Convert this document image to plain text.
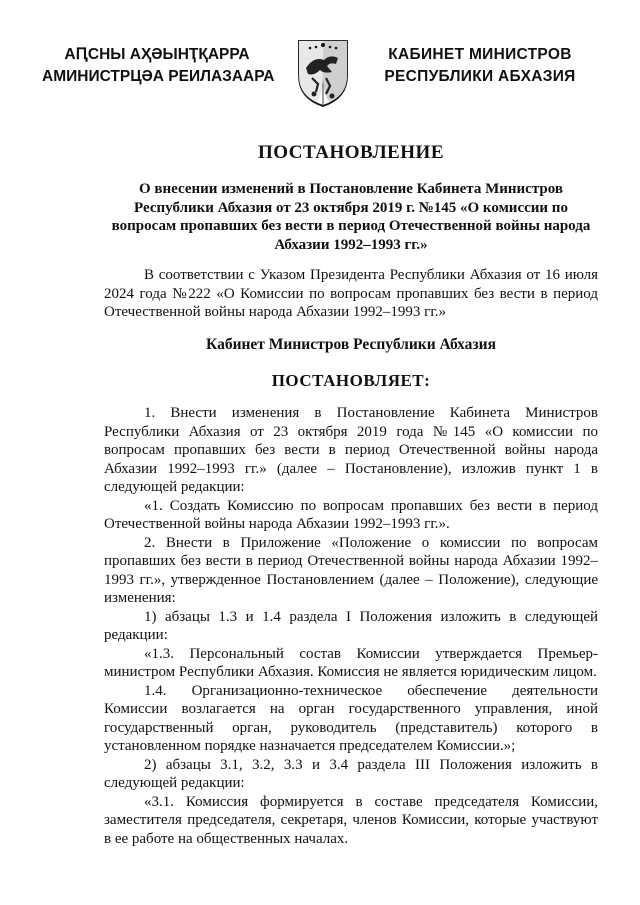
АԤСНЫ АҲӘЫНҬҚАРРА
АМИНИСТРЦӘА РЕИЛАЗААРА
КАБИНЕТ МИНИСТРОВ
РЕСПУБЛИКИ АБХАЗИЯ
ПОСТАНОВЛЕНИЕ
О внесении изменений в Постановление Кабинета Министров Республики Абхазия от 23 октября 2019 г. №145 «О комиссии по вопросам пропавших без вести в период Отечественной войны народа Абхазии 1992–1993 гг.»

В соответствии с Указом Президента Республики Абхазия от 16 июля 2024 года №222 «О Комиссии по вопросам пропавших без вести в период Отечественной войны народа Абхазии 1992–1993 гг.»

Кабинет Министров Республики Абхазия

ПОСТАНОВЛЯЕТ:

1. Внести изменения в Постановление Кабинета Министров Республики Абхазия от 23 октября 2019 года №145 «О комиссии по вопросам пропавших без вести в период Отечественной войны народа Абхазии 1992–1993 гг.» (далее – Постановление), изложив пункт 1 в следующей редакции:

«1. Создать Комиссию по вопросам пропавших без вести в период Отечественной войны народа Абхазии 1992–1993 гг.».

2. Внести в Приложение «Положение о комиссии по вопросам пропавших без вести в период Отечественной войны народа Абхазии 1992–1993 гг.», утвержденное Постановлением (далее – Положение), следующие изменения:

1) абзацы 1.3 и 1.4 раздела I Положения изложить в следующей редакции:

«1.3. Персональный состав Комиссии утверждается Премьер-министром Республики Абхазия. Комиссия не является юридическим лицом.

1.4. Организационно-техническое обеспечение деятельности Комиссии возлагается на орган государственного управления, иной государственный орган, руководитель (представитель) которого в установленном порядке назначается председателем Комиссии.»;

2) абзацы 3.1, 3.2, 3.3 и 3.4 раздела III Положения изложить в следующей редакции:

«3.1. Комиссия формируется в составе председателя Комиссии, заместителя председателя, секретаря, членов Комиссии, которые участвуют в ее работе на общественных началах.
